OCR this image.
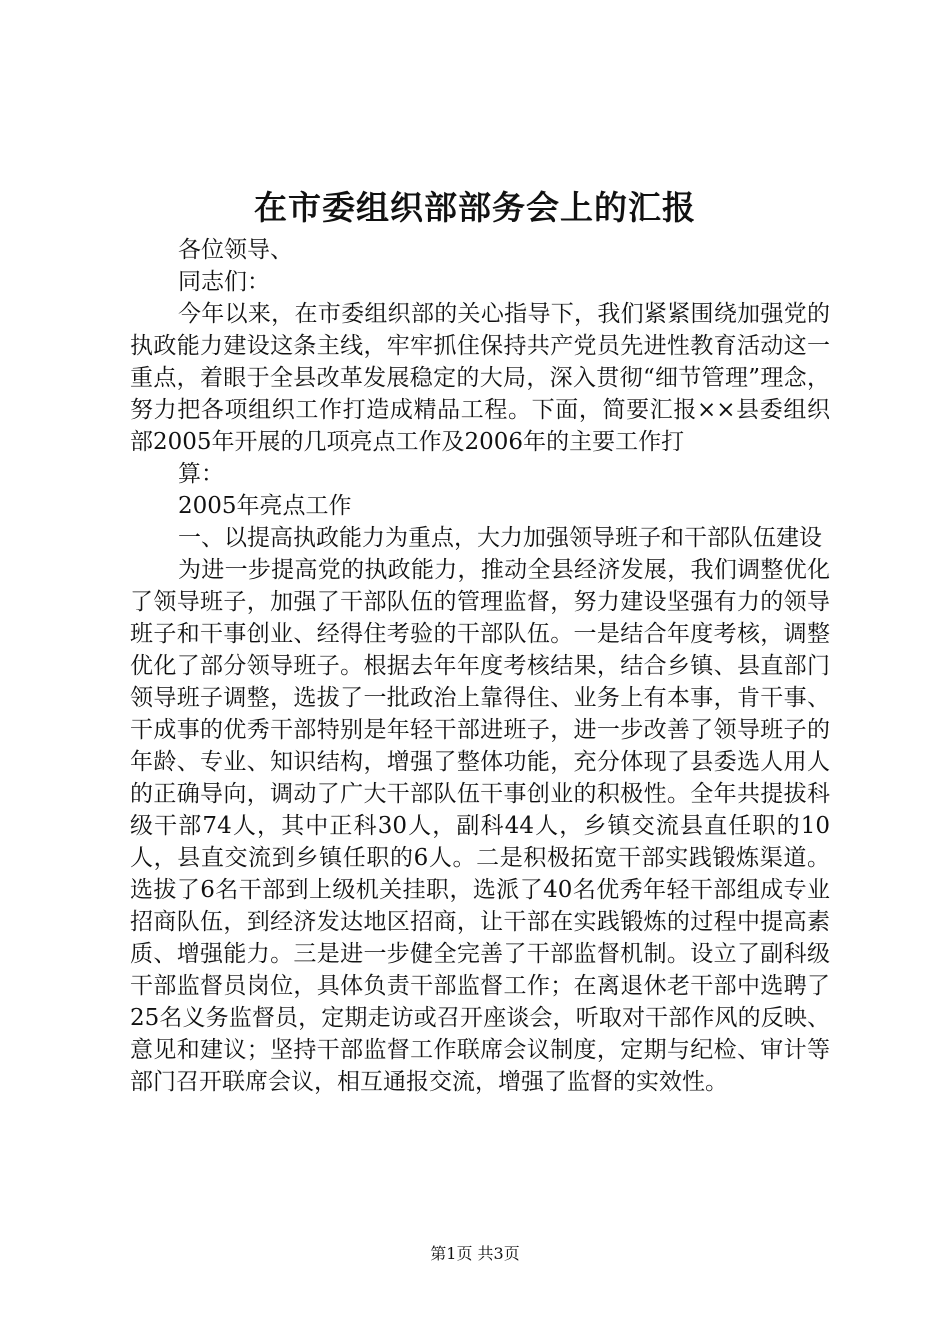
在市委组织部部务会上的汇报

各位领导、

同志们：

今年以来，在市委组织部的关心指导下，我们紧紧围绕加强党的执政能力建设这条主线，牢牢抓住保持共产党员先进性教育活动这一重点，着眼于全县改革发展稳定的大局，深入贯彻“细节管理”理念，努力把各项组织工作打造成精品工程。下面，简要汇报××县委组织部2005年开展的几项亮点工作及2006年的主要工作打

算：

2005年亮点工作

一、以提高执政能力为重点，大力加强领导班子和干部队伍建设

为进一步提高党的执政能力，推动全县经济发展，我们调整优化了领导班子，加强了干部队伍的管理监督，努力建设坚强有力的领导班子和干事创业、经得住考验的干部队伍。一是结合年度考核，调整优化了部分领导班子。根据去年年度考核结果，结合乡镇、县直部门领导班子调整，选拔了一批政治上靠得住、业务上有本事，肯干事、干成事的优秀干部特别是年轻干部进班子，进一步改善了领导班子的年龄、专业、知识结构，增强了整体功能，充分体现了县委选人用人的正确导向，调动了广大干部队伍干事创业的积极性。全年共提拔科级干部74人，其中正科30人，副科44人，乡镇交流县直任职的10人，县直交流到乡镇任职的6人。二是积极拓宽干部实践锻炼渠道。选拔了6名干部到上级机关挂职，选派了40名优秀年轻干部组成专业招商队伍，到经济发达地区招商，让干部在实践锻炼的过程中提高素质、增强能力。三是进一步健全完善了干部监督机制。设立了副科级干部监督员岗位，具体负责干部监督工作；在离退休老干部中选聘了25名义务监督员，定期走访或召开座谈会，听取对干部作风的反映、意见和建议；坚持干部监督工作联席会议制度，定期与纪检、审计等部门召开联席会议，相互通报交流，增强了监督的实效性。

第1页 共3页
